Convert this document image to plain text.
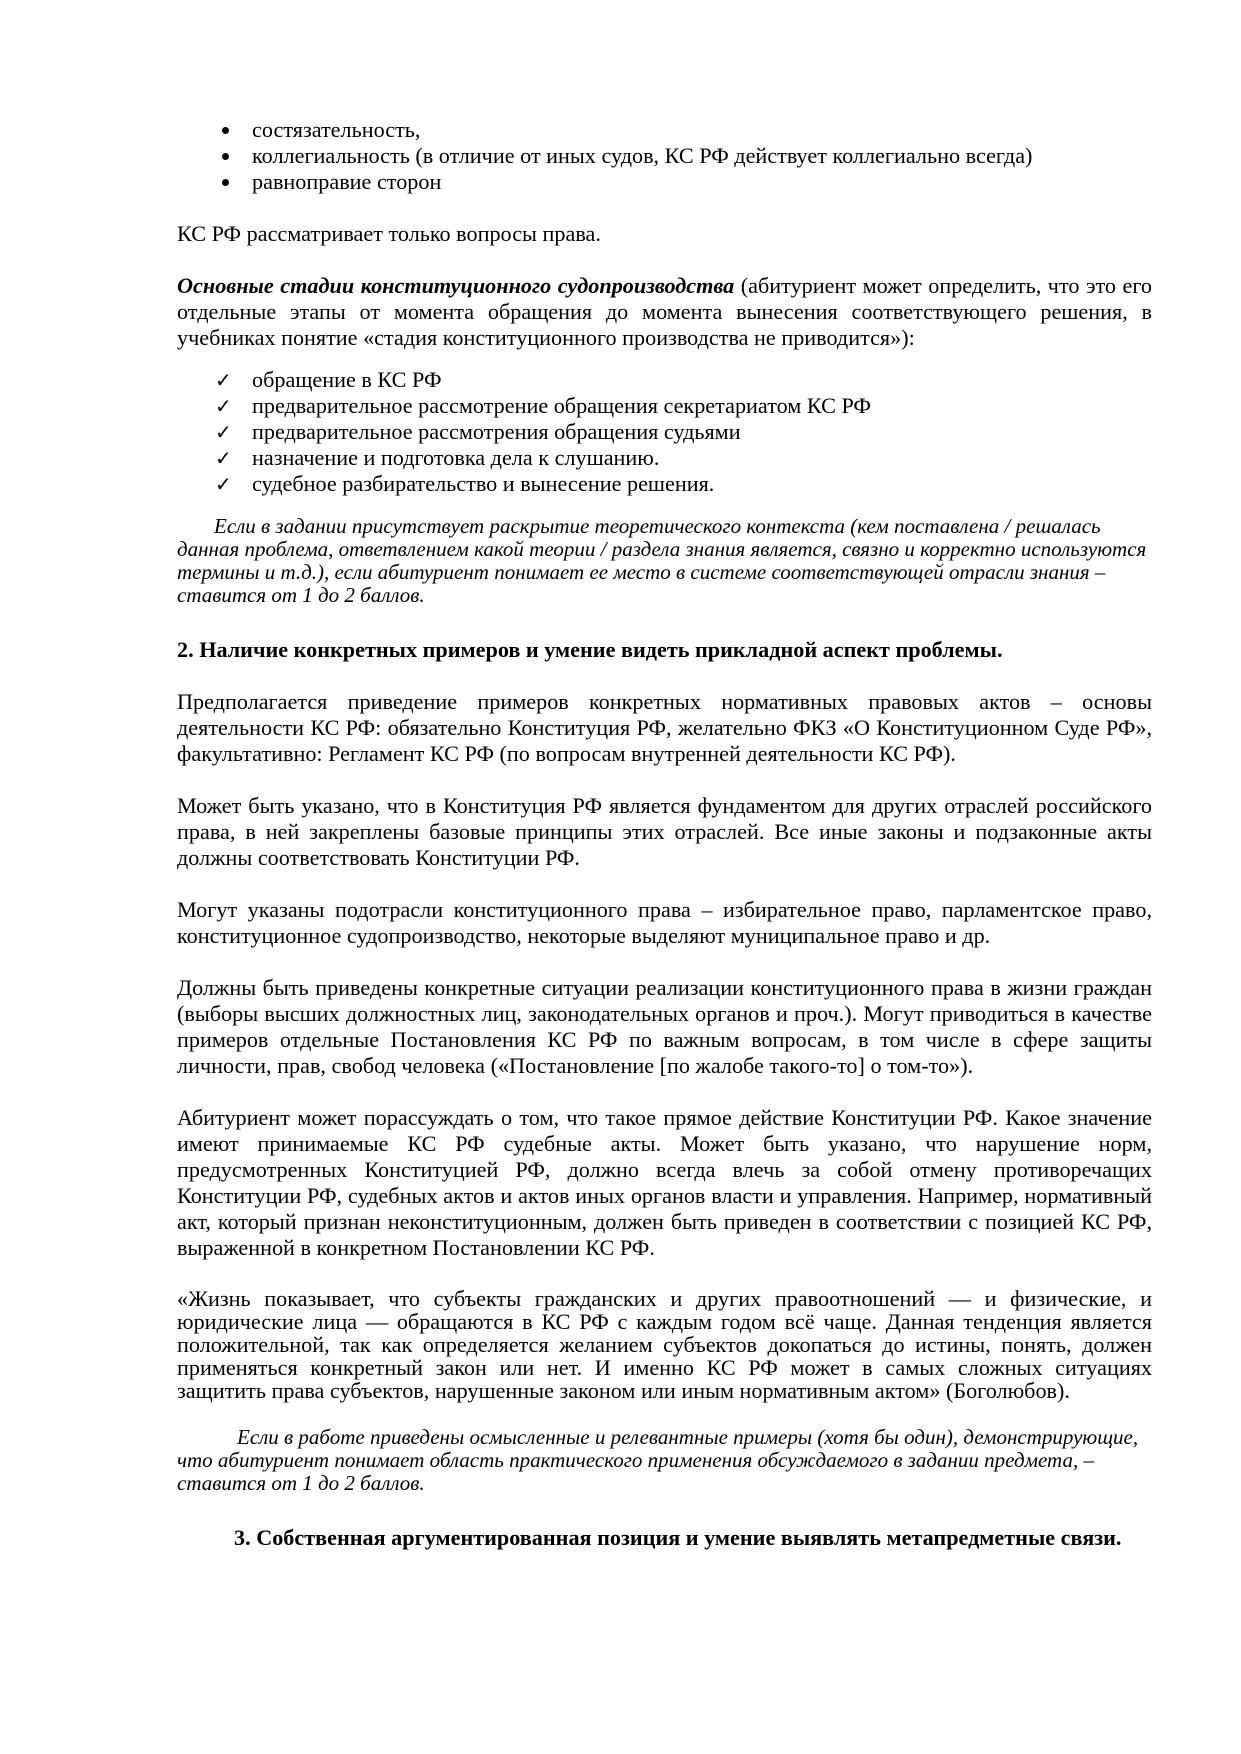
состязательность,
коллегиальность (в отличие от иных судов, КС РФ действует коллегиально всегда)
равноправие сторон

КС РФ рассматривает только вопросы права.

Основные стадии конституционного судопроизводства (абитуриент может определить, что это его отдельные этапы от момента обращения до момента вынесения соответствующего решения, в учебниках понятие «стадия конституционного производства не приводится»):

✓ обращение в КС РФ
✓ предварительное рассмотрение обращения секретариатом КС РФ
✓ предварительное рассмотрения обращения судьями
✓ назначение и подготовка дела к слушанию.
✓ судебное разбирательство и вынесение решения.

Если в задании присутствует раскрытие теоретического контекста (кем поставлена / решалась данная проблема, ответвлением какой теории / раздела знания является, связно и корректно используются термины и т.д.), если абитуриент понимает ее место в системе соответствующей отрасли знания – ставится от 1 до 2 баллов.

2. Наличие конкретных примеров и умение видеть прикладной аспект проблемы.

Предполагается приведение примеров конкретных нормативных правовых актов – основы деятельности КС РФ: обязательно Конституция РФ, желательно ФКЗ «О Конституционном Суде РФ», факультативно: Регламент КС РФ (по вопросам внутренней деятельности КС РФ).

Может быть указано, что в Конституция РФ является фундаментом для других отраслей российского права, в ней закреплены базовые принципы этих отраслей. Все иные законы и подзаконные акты должны соответствовать Конституции РФ.

Могут указаны подотрасли конституционного права – избирательное право, парламентское право, конституционное судопроизводство, некоторые выделяют муниципальное право и др.

Должны быть приведены конкретные ситуации реализации конституционного права в жизни граждан (выборы высших должностных лиц, законодательных органов и проч.). Могут приводиться в качестве примеров отдельные Постановления КС РФ по важным вопросам, в том числе в сфере защиты личности, прав, свобод человека («Постановление [по жалобе такого-то] о том-то»).

Абитуриент может порассуждать о том, что такое прямое действие Конституции РФ. Какое значение имеют принимаемые КС РФ судебные акты. Может быть указано, что нарушение норм, предусмотренных Конституцией РФ, должно всегда влечь за собой отмену противоречащих Конституции РФ, судебных актов и актов иных органов власти и управления. Например, нормативный акт, который признан неконституционным, должен быть приведен в соответствии с позицией КС РФ, выраженной в конкретном Постановлении КС РФ.

«Жизнь показывает, что субъекты гражданских и других правоотношений — и физические, и юридические лица — обращаются в КС РФ с каждым годом всё чаще. Данная тенденция является положительной, так как определяется желанием субъектов докопаться до истины, понять, должен применяться конкретный закон или нет. И именно КС РФ может в самых сложных ситуациях защитить права субъектов, нарушенные законом или иным нормативным актом» (Боголюбов).

Если в работе приведены осмысленные и релевантные примеры (хотя бы один), демонстрирующие, что абитуриент понимает область практического применения обсуждаемого в задании предмета, – ставится от 1 до 2 баллов.

3. Собственная аргументированная позиция и умение выявлять метапредметные связи.
